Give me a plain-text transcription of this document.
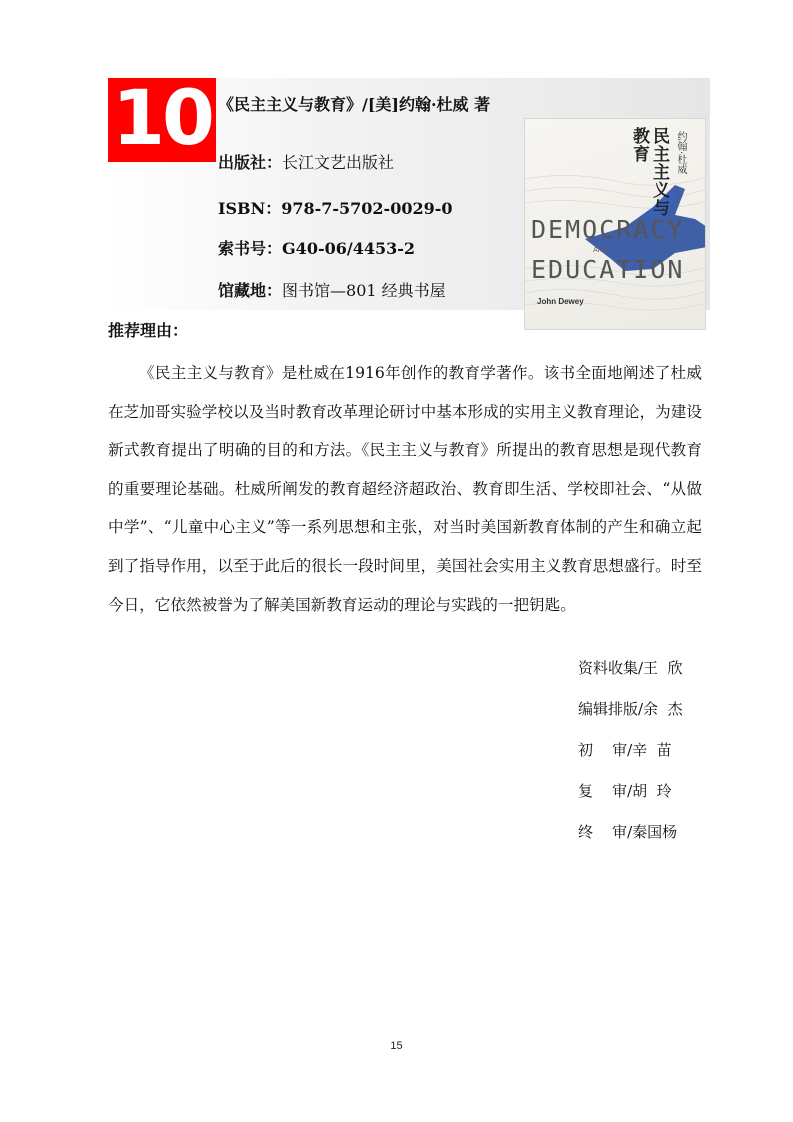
10 《民主主义与教育》/[美]约翰·杜威 著
出版社：长江文艺出版社
ISBN：978-7-5702-0029-0
索书号：G40-06/4453-2
馆藏地：图书馆—801 经典书屋
民主主义与教育	约翰·杜威
DEMOCRACY
AND
EDUCATION
John Dewey
推荐理由：
《民主主义与教育》是杜威在1916年创作的教育学著作。该书全面地阐述了杜威在芝加哥实验学校以及当时教育改革理论研讨中基本形成的实用主义教育理论，为建设新式教育提出了明确的目的和方法。《民主主义与教育》所提出的教育思想是现代教育的重要理论基础。杜威所阐发的教育超经济超政治、教育即生活、学校即社会、“从做中学”、“儿童中心主义”等一系列思想和主张，对当时美国新教育体制的产生和确立起到了指导作用，以至于此后的很长一段时间里，美国社会实用主义教育思想盛行。时至今日，它依然被誉为了解美国新教育运动的理论与实践的一把钥匙。
资料收集/王  欣
编辑排版/余  杰
初    审/辛  苗
复    审/胡  玲
终    审/秦国杨
15
